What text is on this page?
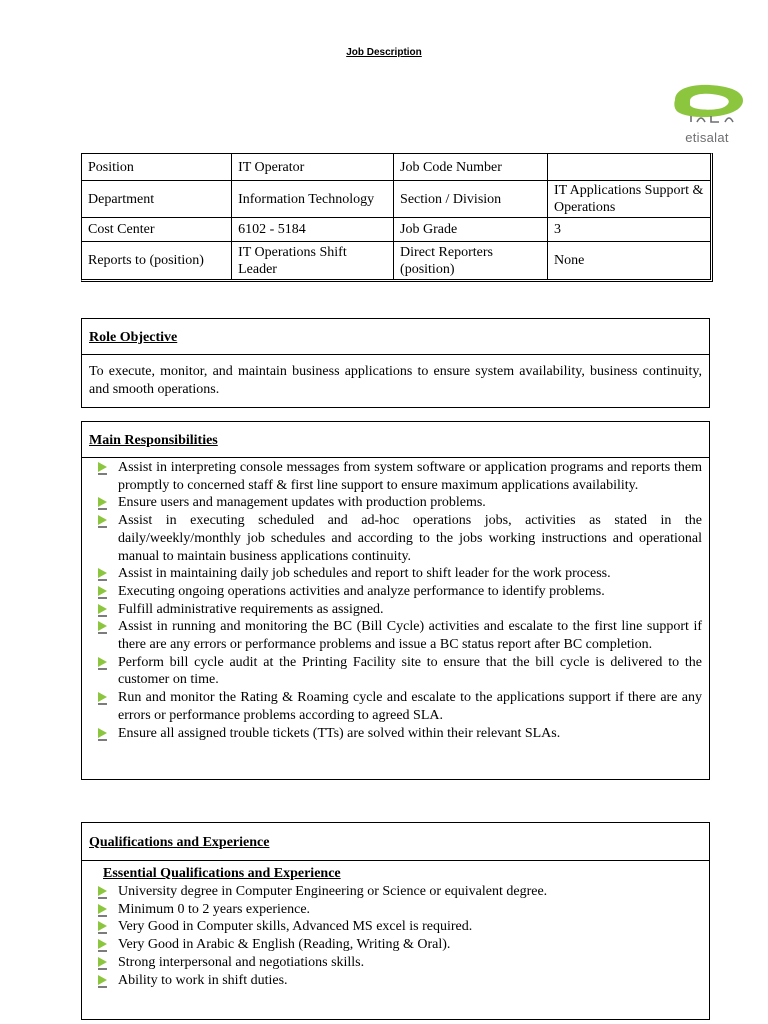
Job Description
etisalat
Position	IT Operator	Job Code Number	
Department	Information Technology	Section / Division	IT Applications Support & Operations
Cost Center	6102 - 5184	Job Grade	3
Reports to (position)	IT Operations Shift Leader	Direct Reporters (position)	None
Role Objective
To execute, monitor, and maintain business applications to ensure system availability, business continuity, and smooth operations.
Main Responsibilities
Assist in interpreting console messages from system software or application programs and reports them promptly to concerned staff & first line support to ensure maximum applications availability.
Ensure users and management updates with production problems.
Assist in executing scheduled and ad-hoc operations jobs, activities as stated in the daily/weekly/monthly job schedules and according to the jobs working instructions and operational manual to maintain business applications continuity.
Assist in maintaining daily job schedules and report to shift leader for the work process.
Executing ongoing operations activities and analyze performance to identify problems.
Fulfill administrative requirements as assigned.
Assist in running and monitoring the BC (Bill Cycle) activities and escalate to the first line support if there are any errors or performance problems and issue a BC status report after BC completion.
Perform bill cycle audit at the Printing Facility site to ensure that the bill cycle is delivered to the customer on time.
Run and monitor the Rating & Roaming cycle and escalate to the applications support if there are any errors or performance problems according to agreed SLA.
Ensure all assigned trouble tickets (TTs) are solved within their relevant SLAs.
Qualifications and Experience
Essential Qualifications and Experience
University degree in Computer Engineering or Science or equivalent degree.
Minimum 0 to 2 years experience.
Very Good in Computer skills, Advanced MS excel is required.
Very Good in Arabic & English (Reading, Writing & Oral).
Strong interpersonal and negotiations skills.
Ability to work in shift duties.
